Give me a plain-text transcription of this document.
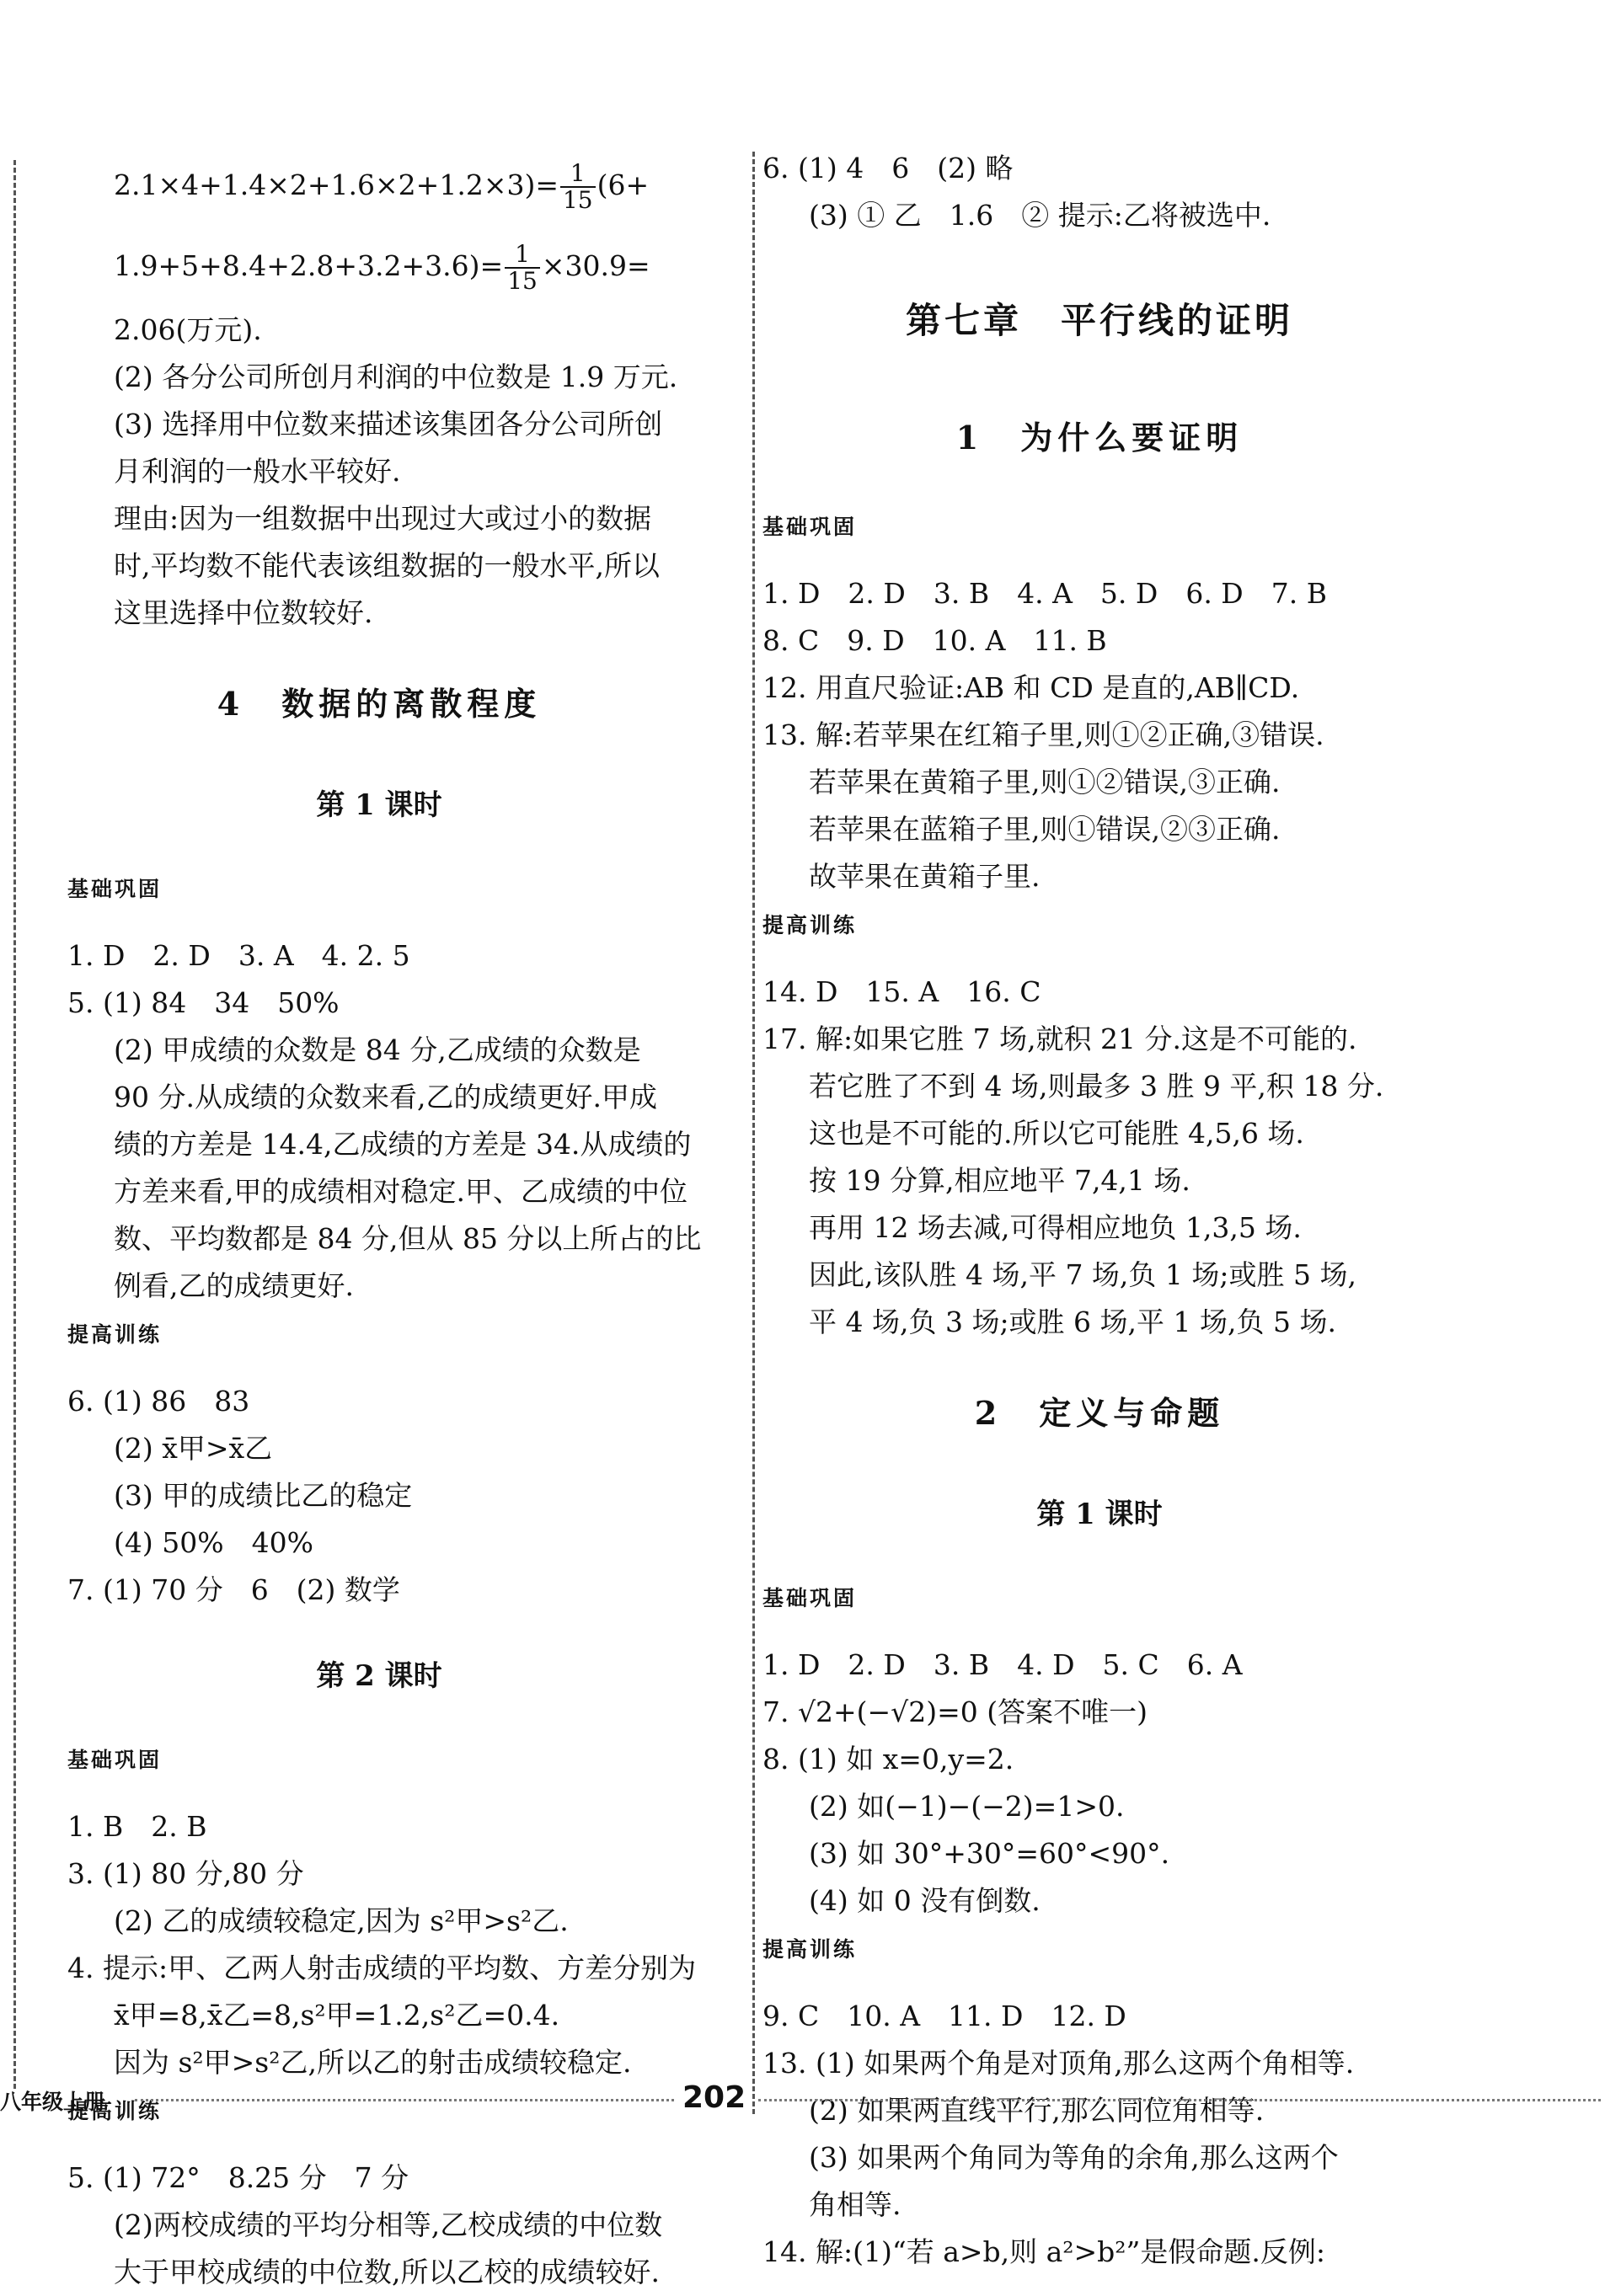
$2.1\times 4+1.4\times 2+1.6\times 2+1.2\times 3)= \frac{1}{15} (6+$

$1.9+5+8.4+2.8+3.2+3.6)= \frac{1}{15} \times 30.9=$

2.06(万元).

(2) 各分公司所创月利润的中位数是 1.9 万元.

(3) 选择用中位数来描述该集团各分公司所创

月利润的一般水平较好.

理由:因为一组数据中出现过大或过小的数据

时,平均数不能代表该组数据的一般水平,所以

这里选择中位数较好.

4　数据的离散程度

第 1 课时

基础巩固

1. D　2. D　3. A　4. 2. 5

5. (1) 84　34　50%

(2) 甲成绩的众数是 84 分,乙成绩的众数是

90 分.从成绩的众数来看,乙的成绩更好.甲成

绩的方差是 14.4,乙成绩的方差是 34.从成绩的

方差来看,甲的成绩相对稳定.甲、乙成绩的中位

数、平均数都是 84 分,但从 85 分以上所占的比

例看,乙的成绩更好.

提高训练

6. (1) 86　83

(2) x̄甲>x̄乙

(3) 甲的成绩比乙的稳定

(4) 50%　40%

7. (1) 70 分　6　(2) 数学

第 2 课时

基础巩固

1. B　2. B

3. (1) 80 分,80 分

(2) 乙的成绩较稳定,因为 s²甲>s²乙.

4. 提示:甲、乙两人射击成绩的平均数、方差分别为

x̄甲=8,x̄乙=8,s²甲=1.2,s²乙=0.4.

因为 s²甲>s²乙,所以乙的射击成绩较稳定.

提高训练

5. (1) 72°　8.25 分　7 分

(2)两校成绩的平均分相等,乙校成绩的中位数

大于甲校成绩的中位数,所以乙校的成绩较好.

6. (1) 4　6　(2) 略

(3) ① 乙　1.6　② 提示:乙将被选中.

第七章　平行线的证明

1　为什么要证明

基础巩固

1. D　2. D　3. B　4. A　5. D　6. D　7. B

8. C　9. D　10. A　11. B

12. 用直尺验证:AB 和 CD 是直的,AB∥CD.

13. 解:若苹果在红箱子里,则①②正确,③错误.

若苹果在黄箱子里,则①②错误,③正确.

若苹果在蓝箱子里,则①错误,②③正确.

故苹果在黄箱子里.

提高训练

14. D　15. A　16. C

17. 解:如果它胜 7 场,就积 21 分.这是不可能的.

若它胜了不到 4 场,则最多 3 胜 9 平,积 18 分.

这也是不可能的.所以它可能胜 4,5,6 场.

按 19 分算,相应地平 7,4,1 场.

再用 12 场去减,可得相应地负 1,3,5 场.

因此,该队胜 4 场,平 7 场,负 1 场;或胜 5 场,

平 4 场,负 3 场;或胜 6 场,平 1 场,负 5 场.

2　定义与命题

第 1 课时

基础巩固

1. D　2. D　3. B　4. D　5. C　6. A

7. √2+(−√2)=0 (答案不唯一)

8. (1) 如 x=0,y=2.

(2) 如(−1)−(−2)=1>0.

(3) 如 30°+30°=60°<90°.

(4) 如 0 没有倒数.

提高训练

9. C　10. A　11. D　12. D

13. (1) 如果两个角是对顶角,那么这两个角相等.

(2) 如果两直线平行,那么同位角相等.

(3) 如果两个角同为等角的余角,那么这两个

角相等.

14. 解:(1)“若 a>b,则 a²>b²”是假命题.反例:

八年级上册	202
